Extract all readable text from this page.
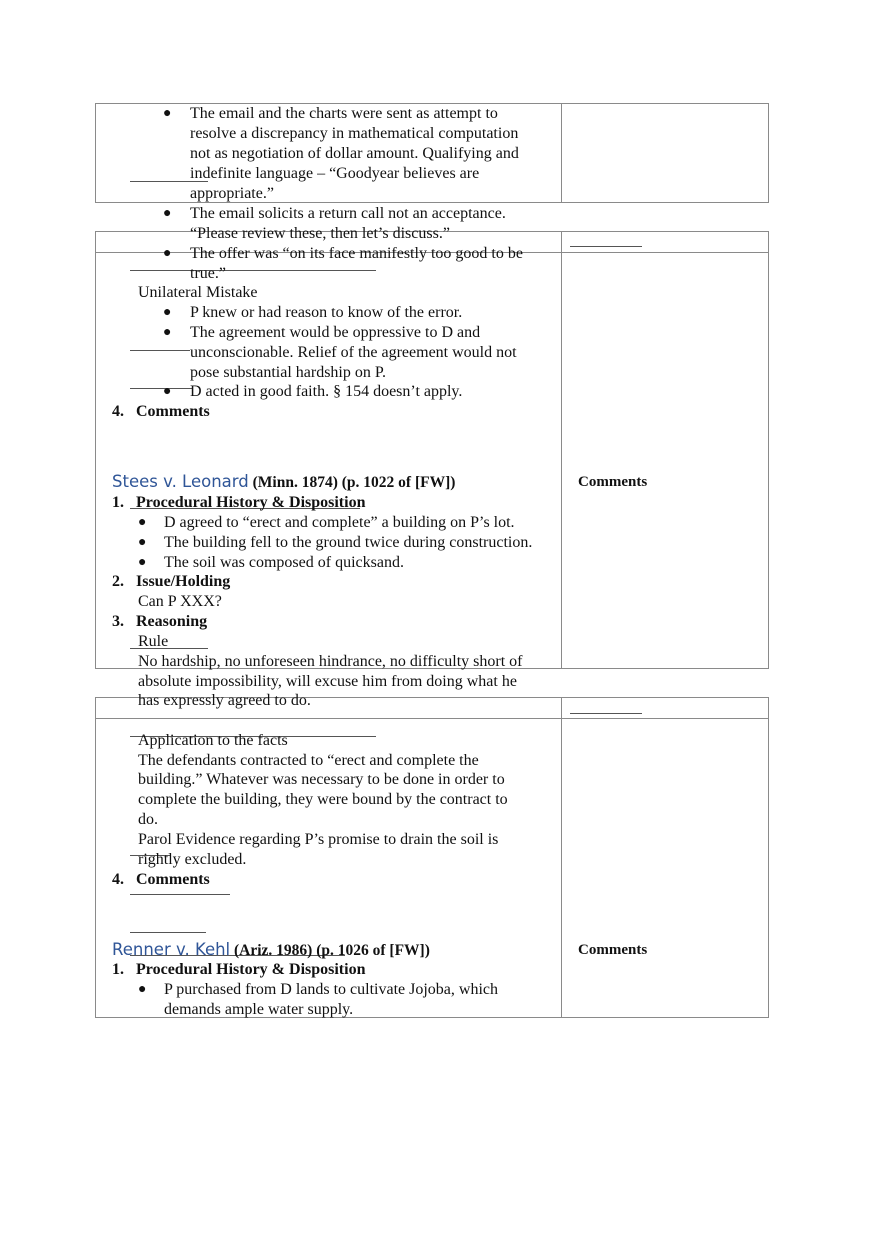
● The email and the charts were sent as attempt to
resolve a discrepancy in mathematical computation
not as negotiation of dollar amount. Qualifying and
indefinite language – “Goodyear believes are
appropriate.”
● The email solicits a return call not an acceptance.
“Please review these, then let’s discuss.”
● The offer was “on its face manifestly too good to be
true.”
Unilateral Mistake
● P knew or had reason to know of the error.
● The agreement would be oppressive to D and
unconscionable. Relief of the agreement would not
pose substantial hardship on P.
● D acted in good faith. § 154 doesn’t apply.
4.  Comments
Stees v. Leonard (Minn. 1874) (p. 1022 of [FW])	Comments
1.  Procedural History & Disposition
● D agreed to “erect and complete” a building on P’s lot.
● The building fell to the ground twice during construction.
● The soil was composed of quicksand.
2.  Issue/Holding
Can P XXX?
3.  Reasoning
Rule
No hardship, no unforeseen hindrance, no difficulty short of
absolute impossibility, will excuse him from doing what he
has expressly agreed to do.
Application to the facts
The defendants contracted to “erect and complete the
building.” Whatever was necessary to be done in order to
complete the building, they were bound by the contract to
do.
Parol Evidence regarding P’s promise to drain the soil is
rightly excluded.
4.  Comments
Renner v. Kehl (Ariz. 1986) (p. 1026 of [FW])	Comments
1.  Procedural History & Disposition
● P purchased from D lands to cultivate Jojoba, which
demands ample water supply.
